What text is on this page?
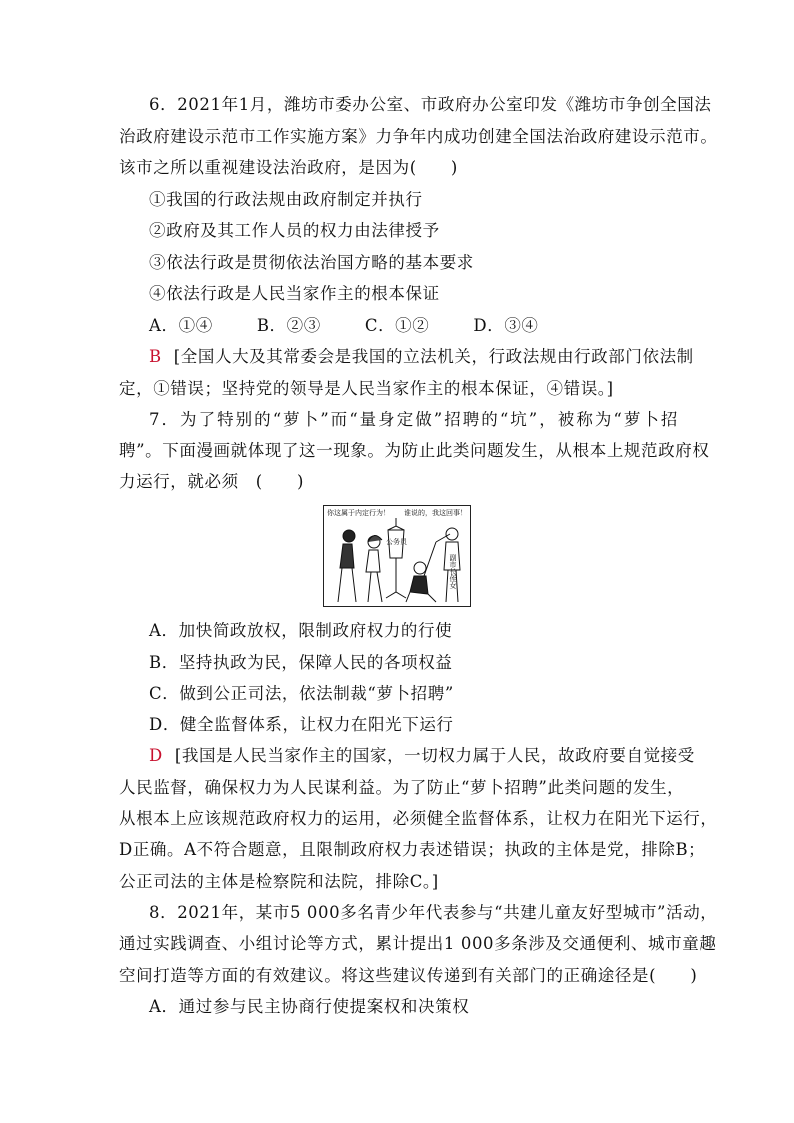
6．2021年1月，潍坊市委办公室、市政府办公室印发《潍坊市争创全国法
治政府建设示范市工作实施方案》力争年内成功创建全国法治政府建设示范市。
该市之所以重视建设法治政府，是因为(　　)
①我国的行政法规由政府制定并执行
②政府及其工作人员的权力由法律授予
③依法行政是贯彻依法治国方略的基本要求
④依法行政是人民当家作主的根本保证
A．①④	B．②③	C．①②	D．③④
B [全国人大及其常委会是我国的立法机关，行政法规由行政部门依法制
定，①错误；坚持党的领导是人民当家作主的根本保证，④错误。]
7．为了特别的“萝卜”而“量身定做”招聘的“坑”，被称为“萝卜招
聘”。下面漫画就体现了这一现象。为防止此类问题发生，从根本上规范政府权
力运行，就必须　(　　)
你这属于内定行为！ 谁说的，我这回事！
公务员
副市长侄女
A．加快简政放权，限制政府权力的行使
B．坚持执政为民，保障人民的各项权益
C．做到公正司法，依法制裁“萝卜招聘”
D．健全监督体系，让权力在阳光下运行
D [我国是人民当家作主的国家，一切权力属于人民，故政府要自觉接受
人民监督，确保权力为人民谋利益。为了防止“萝卜招聘”此类问题的发生，
从根本上应该规范政府权力的运用，必须健全监督体系，让权力在阳光下运行，
D正确。A不符合题意，且限制政府权力表述错误；执政的主体是党，排除B；
公正司法的主体是检察院和法院，排除C。]
8．2021年，某市5 000多名青少年代表参与“共建儿童友好型城市”活动，
通过实践调查、小组讨论等方式，累计提出1 000多条涉及交通便利、城市童趣
空间打造等方面的有效建议。将这些建议传递到有关部门的正确途径是(　　)
A．通过参与民主协商行使提案权和决策权
